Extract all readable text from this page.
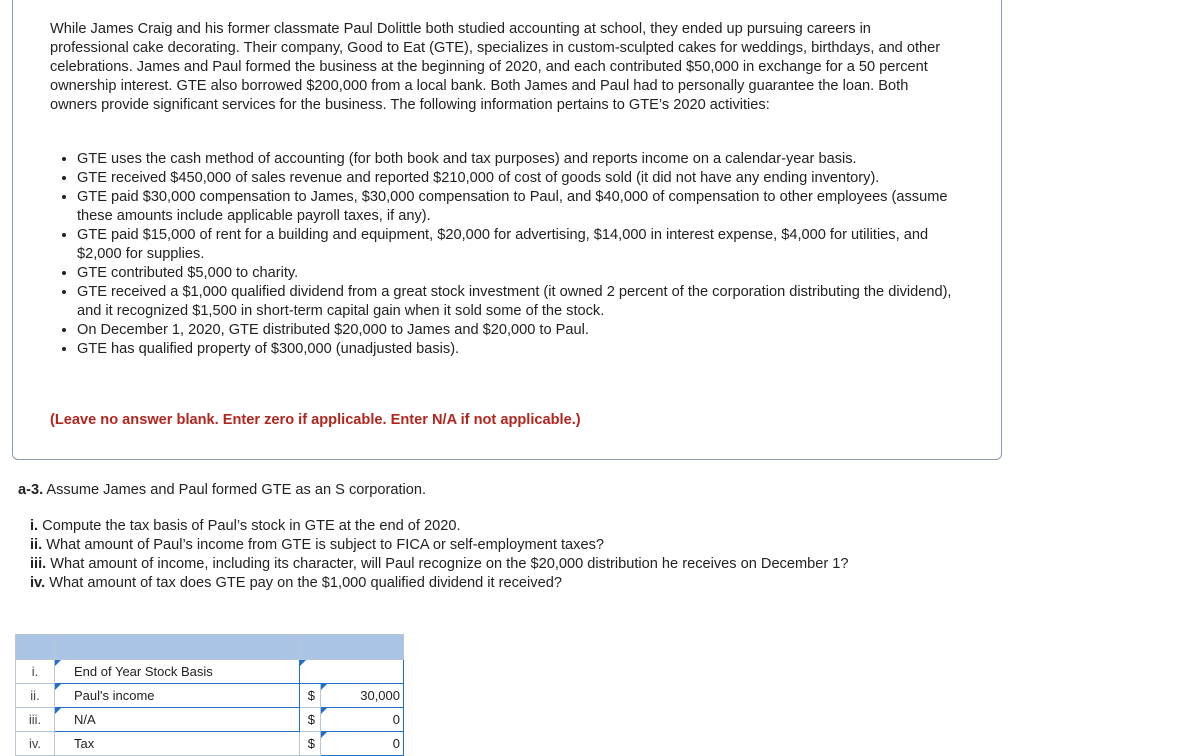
While James Craig and his former classmate Paul Dolittle both studied accounting at school, they ended up pursuing careers in professional cake decorating. Their company, Good to Eat (GTE), specializes in custom-sculpted cakes for weddings, birthdays, and other celebrations. James and Paul formed the business at the beginning of 2020, and each contributed $50,000 in exchange for a 50 percent ownership interest. GTE also borrowed $200,000 from a local bank. Both James and Paul had to personally guarantee the loan. Both owners provide significant services for the business. The following information pertains to GTE’s 2020 activities:
• GTE uses the cash method of accounting (for both book and tax purposes) and reports income on a calendar-year basis.
• GTE received $450,000 of sales revenue and reported $210,000 of cost of goods sold (it did not have any ending inventory).
• GTE paid $30,000 compensation to James, $30,000 compensation to Paul, and $40,000 of compensation to other employees (assume these amounts include applicable payroll taxes, if any).
• GTE paid $15,000 of rent for a building and equipment, $20,000 for advertising, $14,000 in interest expense, $4,000 for utilities, and $2,000 for supplies.
• GTE contributed $5,000 to charity.
• GTE received a $1,000 qualified dividend from a great stock investment (it owned 2 percent of the corporation distributing the dividend), and it recognized $1,500 in short-term capital gain when it sold some of the stock.
• On December 1, 2020, GTE distributed $20,000 to James and $20,000 to Paul.
• GTE has qualified property of $300,000 (unadjusted basis).
(Leave no answer blank. Enter zero if applicable. Enter N/A if not applicable.)
a-3. Assume James and Paul formed GTE as an S corporation.
i. Compute the tax basis of Paul’s stock in GTE at the end of 2020.
ii. What amount of Paul’s income from GTE is subject to FICA or self-employment taxes?
iii. What amount of income, including its character, will Paul recognize on the $20,000 distribution he receives on December 1?
iv. What amount of tax does GTE pay on the $1,000 qualified dividend it received?

i.	End of Year Stock Basis		
ii.	Paul's income	$	30,000
iii.	N/A	$	0
iv.	Tax	$	0
